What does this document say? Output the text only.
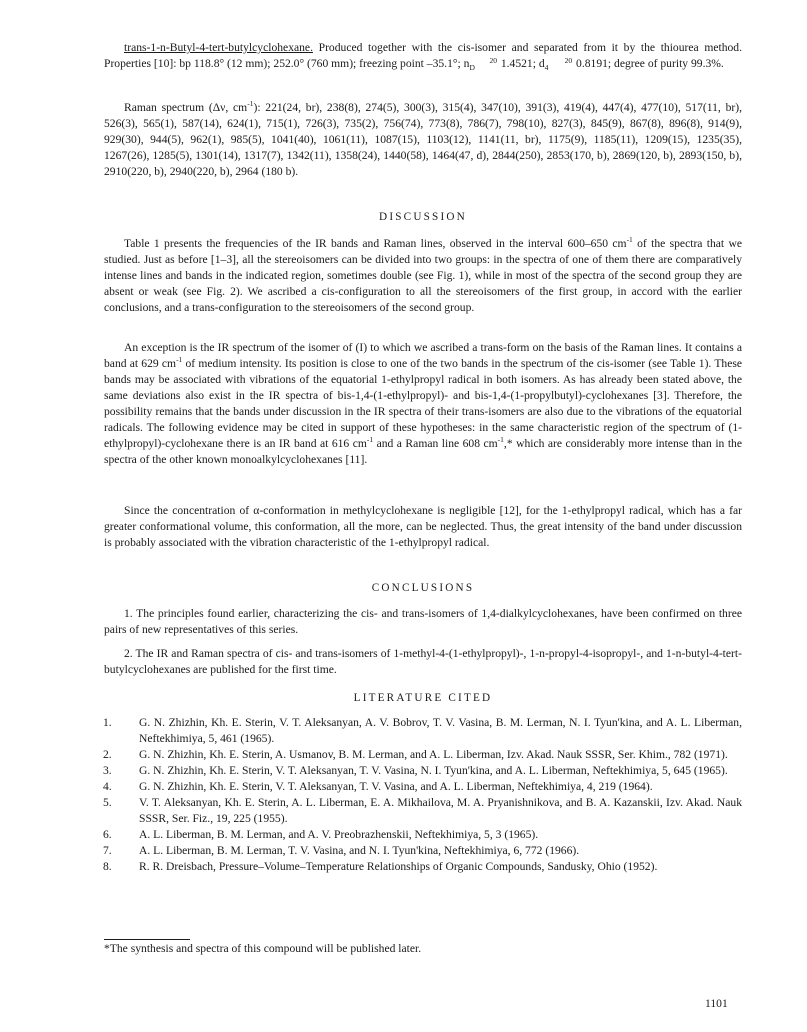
trans-1-n-Butyl-4-tert-butylcyclohexane. Produced together with the cis-isomer and separated from it by the thiourea method. Properties [10]: bp 118.8° (12 mm); 252.0° (760 mm); freezing point –35.1°; n	20
D 1.4521; d	20
4 0.8191; degree of purity 99.3%.

Raman spectrum (Δν, $cm^{-1}$): 221(24, br), 238(8), 274(5), 300(3), 315(4), 347(10), 391(3), 419(4), 447(4), 477(10), 517(11, br), 526(3), 565(1), 587(14), 624(1), 715(1), 726(3), 735(2), 756(74), 773(8), 786(7), 798(10), 827(3), 845(9), 867(8), 896(8), 914(9), 929(30), 944(5), 962(1), 985(5), 1041(40), 1061(11), 1087(15), 1103(12), 1141(11, br), 1175(9), 1185(11), 1209(15), 1235(35), 1267(26), 1285(5), 1301(14), 1317(7), 1342(11), 1358(24), 1440(58), 1464(47, d), 2844(250), 2853(170, b), 2869(120, b), 2893(150, b), 2910(220, b), 2940(220, b), 2964 (180 b).

DISCUSSION

Table 1 presents the frequencies of the IR bands and Raman lines, observed in the interval 600–650 $cm^{-1}$ of the spectra that we studied. Just as before [1–3], all the stereoisomers can be divided into two groups: in the spectra of one of them there are comparatively intense lines and bands in the indicated region, sometimes double (see Fig. 1), while in most of the spectra of the second group they are absent or weak (see Fig. 2). We ascribed a cis-configuration to all the stereoisomers of the first group, in accord with the earlier conclusions, and a trans-configuration to the stereoisomers of the second group.

An exception is the IR spectrum of the isomer of (I) to which we ascribed a trans-form on the basis of the Raman lines. It contains a band at 629 $cm^{-1}$ of medium intensity. Its position is close to one of the two bands in the spectrum of the cis-isomer (see Table 1). These bands may be associated with vibrations of the equatorial 1-ethylpropyl radical in both isomers. As has already been stated above, the same deviations also exist in the IR spectra of bis-1,4-(1-ethylpropyl)- and bis-1,4-(1-propylbutyl)-cyclohexanes [3]. Therefore, the possibility remains that the bands under discussion in the IR spectra of their trans-isomers are also due to the vibrations of the equatorial radicals. The following evidence may be cited in support of these hypotheses: in the same characteristic region of the spectrum of (1-ethylpropyl)-cyclohexane there is an IR band at 616 $cm^{-1}$ and a Raman line 608 $cm^{-1},*$ which are considerably more intense than in the spectra of the other known monoalkylcyclohexanes [11].

Since the concentration of α-conformation in methylcyclohexane is negligible [12], for the 1-ethylpropyl radical, which has a far greater conformational volume, this conformation, all the more, can be neglected. Thus, the great intensity of the band under discussion is probably associated with the vibration characteristic of the 1-ethylpropyl radical.

CONCLUSIONS

1. The principles found earlier, characterizing the cis- and trans-isomers of 1,4-dialkylcyclohexanes, have been confirmed on three pairs of new representatives of this series.

2. The IR and Raman spectra of cis- and trans-isomers of 1-methyl-4-(1-ethylpropyl)-, 1-n-propyl-4-isopropyl-, and 1-n-butyl-4-tert-butylcyclohexanes are published for the first time.

LITERATURE CITED

1. G. N. Zhizhin, Kh. E. Sterin, V. T. Aleksanyan, A. V. Bobrov, T. V. Vasina, B. M. Lerman, N. I. Tyun'kina, and A. L. Liberman, Neftekhimiya, 5, 461 (1965).
2. G. N. Zhizhin, Kh. E. Sterin, A. Usmanov, B. M. Lerman, and A. L. Liberman, Izv. Akad. Nauk SSSR, Ser. Khim., 782 (1971).
3. G. N. Zhizhin, Kh. E. Sterin, V. T. Aleksanyan, T. V. Vasina, N. I. Tyun'kina, and A. L. Liberman, Neftekhimiya, 5, 645 (1965).
4. G. N. Zhizhin, Kh. E. Sterin, V. T. Aleksanyan, T. V. Vasina, and A. L. Liberman, Neftekhimiya, 4, 219 (1964).
5. V. T. Aleksanyan, Kh. E. Sterin, A. L. Liberman, E. A. Mikhailova, M. A. Pryanishnikova, and B. A. Kazanskii, Izv. Akad. Nauk SSSR, Ser. Fiz., 19, 225 (1955).
6. A. L. Liberman, B. M. Lerman, and A. V. Preobrazhenskii, Neftekhimiya, 5, 3 (1965).
7. A. L. Liberman, B. M. Lerman, T. V. Vasina, and N. I. Tyun'kina, Neftekhimiya, 6, 772 (1966).
8. R. R. Dreisbach, Pressure–Volume–Temperature Relationships of Organic Compounds, Sandusky, Ohio (1952).

*The synthesis and spectra of this compound will be published later.

1101
